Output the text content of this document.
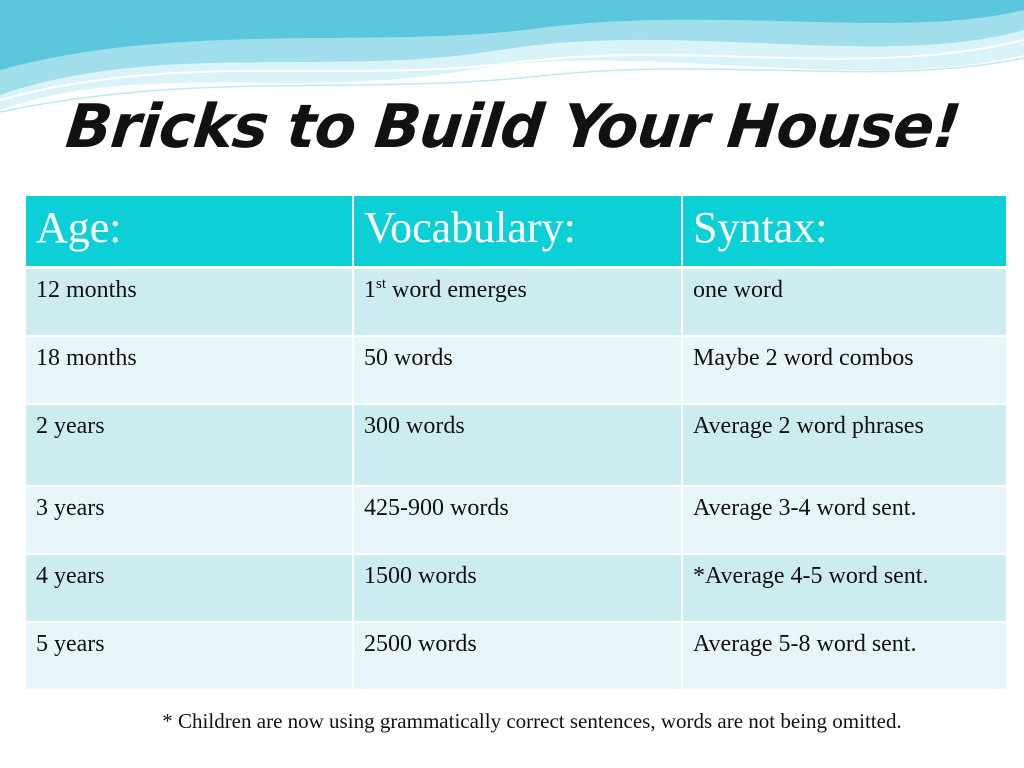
Bricks to Build Your House!
Age:	Vocabulary:	Syntax:
12 months	1st word emerges	one word
18 months	50 words	Maybe 2 word combos
2 years	300 words	Average 2 word phrases
3 years	425-900 words	Average 3-4 word sent.
4 years	1500 words	*Average 4-5 word sent.
5 years	2500 words	Average 5-8 word sent.
* Children are now using grammatically correct sentences, words are not being omitted.
